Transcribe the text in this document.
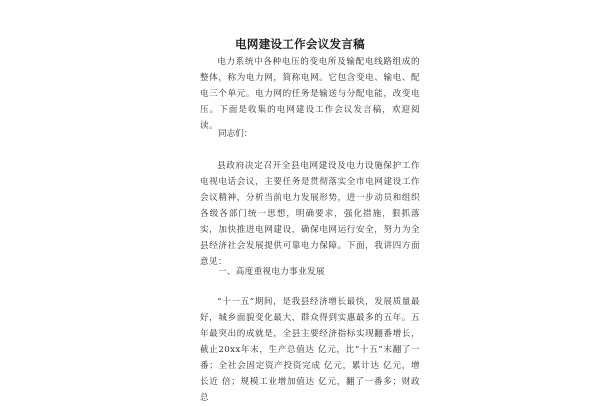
电网建设工作会议发言稿

电力系统中各种电压的变电所及输配电线路组成的整体，称为电力网，简称电网。它包含变电、输电、配电三个单元。电力网的任务是输送与分配电能，改变电压。下面是收集的电网建设工作会议发言稿，欢迎阅读。

同志们：

县政府决定召开全县电网建设及电力设施保护工作电视电话会议，主要任务是贯彻落实全市电网建设工作会议精神，分析当前电力发展形势，进一步动员和组织各级各部门统一思想，明确要求，强化措施，狠抓落实，加快推进电网建设，确保电网运行安全，努力为全县经济社会发展提供可靠电力保障。下面，我讲四方面意见：

一、高度重视电力事业发展

“十一五”期间，是我县经济增长最快，发展质量最好，城乡面貌变化最大，群众得到实惠最多的五年。五年最突出的成就是，全县主要经济指标实现翻番增长，截止20xx年末，生产总值达 亿元，比“十五”末翻了一番；全社会固定资产投资完成 亿元，累计达 亿元，增长近 倍；规模工业增加值达 亿元，翻了一番多；财政总
